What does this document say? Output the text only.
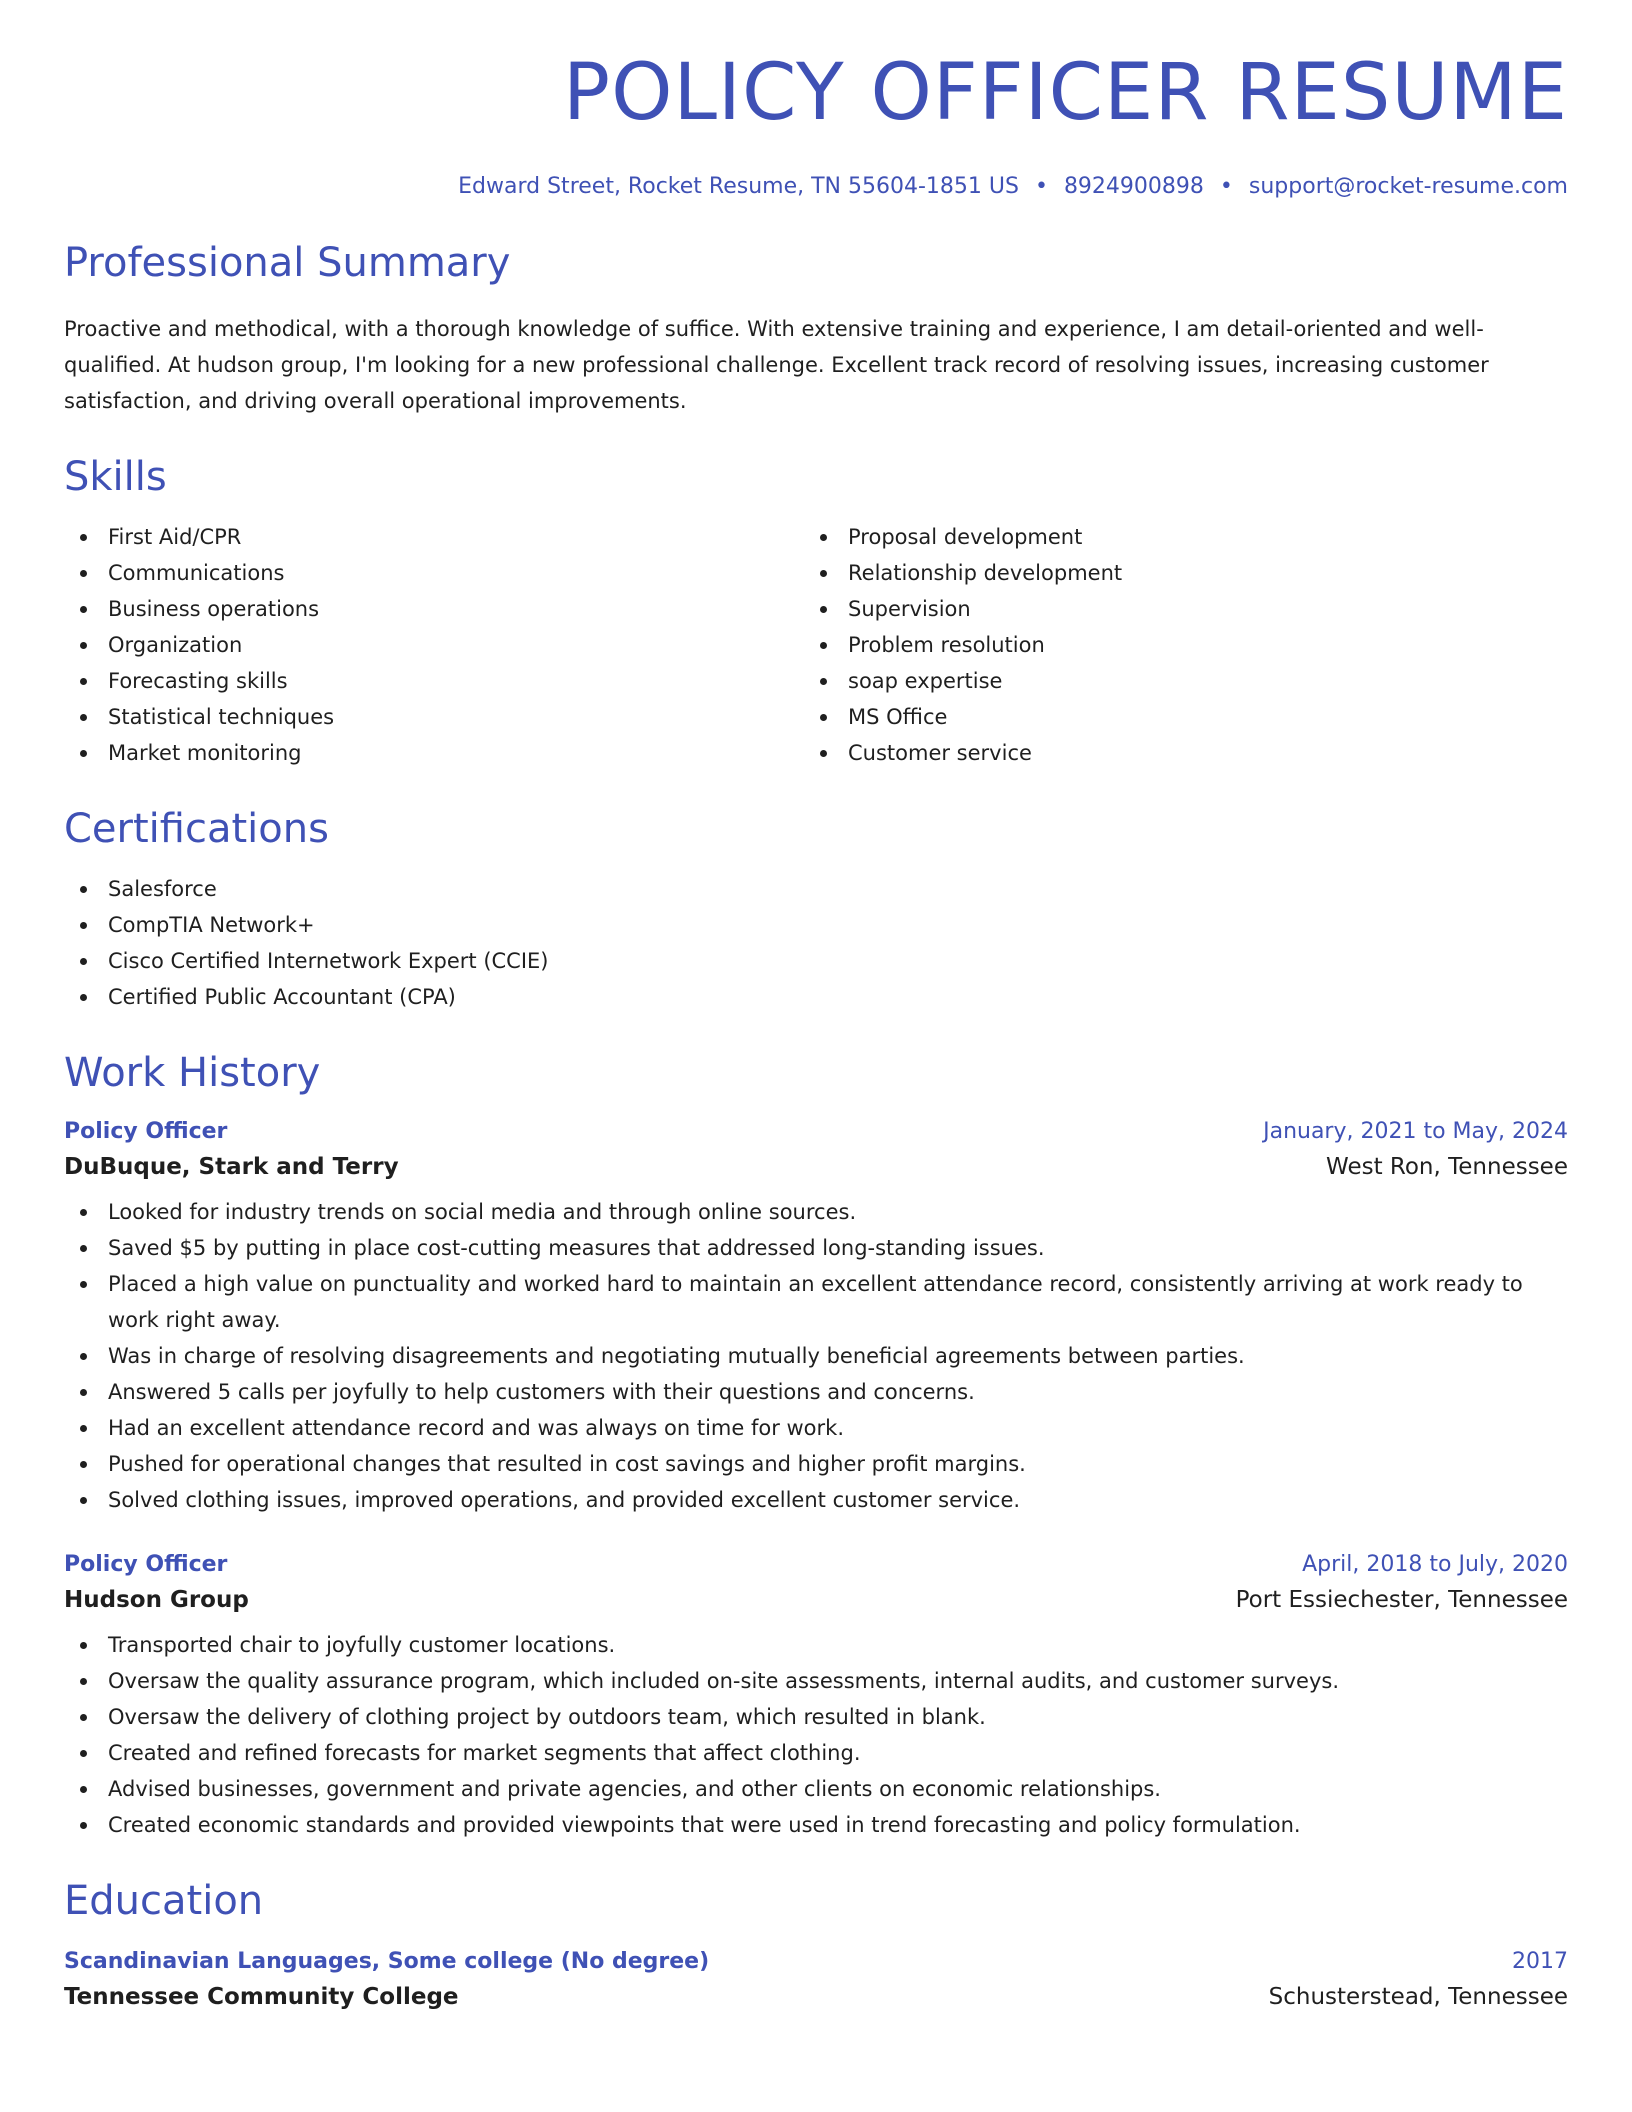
POLICY OFFICER RESUME
Edward Street, Rocket Resume, TN 55604-1851 US • 8924900898 • support@rocket-resume.com
Professional Summary

Proactive and methodical, with a thorough knowledge of suffice. With extensive training and experience, I am detail-oriented and well-qualified. At hudson group, I'm looking for a new professional challenge. Excellent track record of resolving issues, increasing customer satisfaction, and driving overall operational improvements.

Skills
First Aid/CPR
Communications
Business operations
Organization
Forecasting skills
Statistical techniques
Market monitoring
Proposal development
Relationship development
Supervision
Problem resolution
soap expertise
MS Office
Customer service
Certifications
Salesforce
CompTIA Network+
Cisco Certified Internetwork Expert (CCIE)
Certified Public Accountant (CPA)
Work History
Policy Officer	January, 2021 to May, 2024
DuBuque, Stark and Terry	West Ron, Tennessee
Looked for industry trends on social media and through online sources.
Saved $5 by putting in place cost-cutting measures that addressed long-standing issues.
Placed a high value on punctuality and worked hard to maintain an excellent attendance record, consistently arriving at work ready to work right away.
Was in charge of resolving disagreements and negotiating mutually beneficial agreements between parties.
Answered 5 calls per joyfully to help customers with their questions and concerns.
Had an excellent attendance record and was always on time for work.
Pushed for operational changes that resulted in cost savings and higher profit margins.
Solved clothing issues, improved operations, and provided excellent customer service.
Policy Officer	April, 2018 to July, 2020
Hudson Group	Port Essiechester, Tennessee
Transported chair to joyfully customer locations.
Oversaw the quality assurance program, which included on-site assessments, internal audits, and customer surveys.
Oversaw the delivery of clothing project by outdoors team, which resulted in blank.
Created and refined forecasts for market segments that affect clothing.
Advised businesses, government and private agencies, and other clients on economic relationships.
Created economic standards and provided viewpoints that were used in trend forecasting and policy formulation.
Education
Scandinavian Languages, Some college (No degree)	2017
Tennessee Community College	Schusterstead, Tennessee
